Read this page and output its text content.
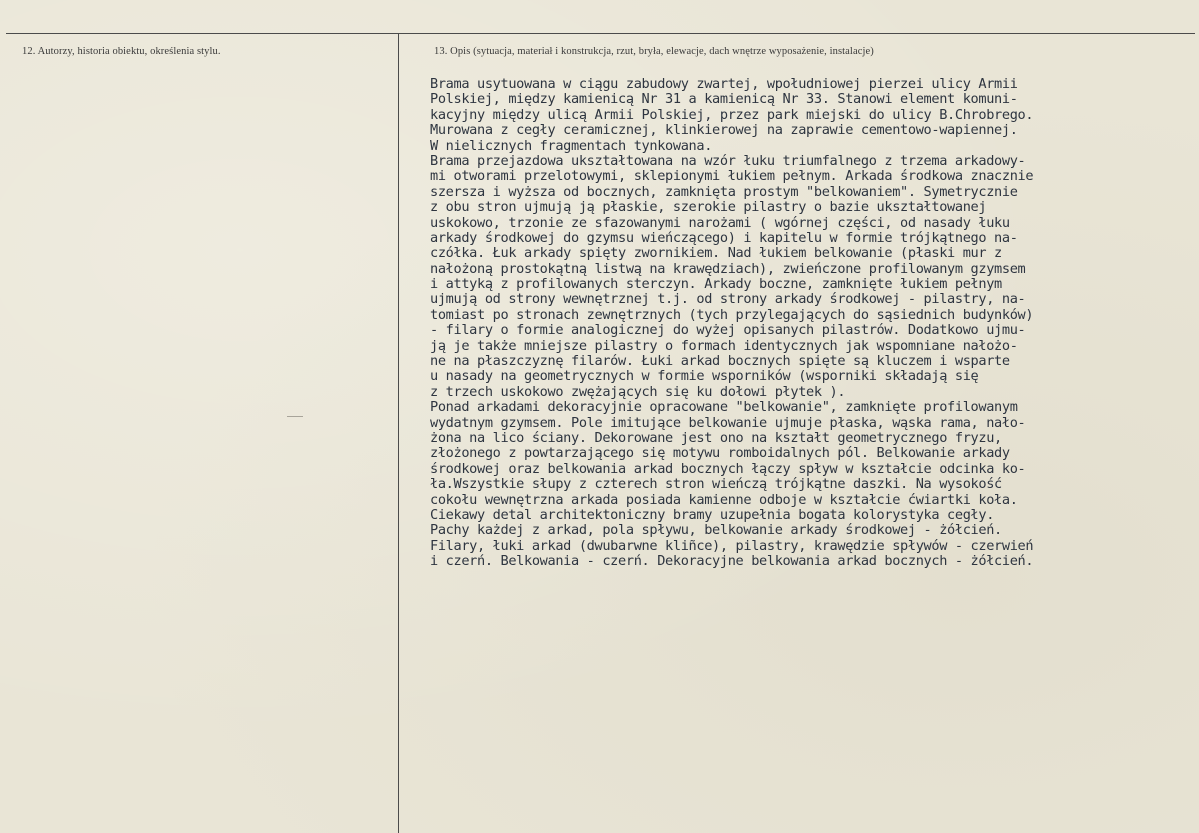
12. Autorzy, historia obiektu, określenia stylu.	13. Opis (sytuacja, materiał i konstrukcja, rzut, bryła, elewacje, dach wnętrze wyposażenie, instalacje)
Brama usytuowana w ciągu zabudowy zwartej, wpołudniowej pierzei ulicy Armii
Polskiej, między kamienicą Nr 31 a kamienicą Nr 33. Stanowi element komuni-
kacyjny między ulicą Armii Polskiej, przez park miejski do ulicy B.Chrobrego.
Murowana z cegły ceramicznej, klinkierowej na zaprawie cementowo-wapiennej.
W nielicznych fragmentach tynkowana.
Brama przejazdowa ukształtowana na wzór łuku triumfalnego z trzema arkadowy-
mi otworami przelotowymi, sklepionymi łukiem pełnym. Arkada środkowa znacznie
szersza i wyższa od bocznych, zamknięta prostym "belkowaniem". Symetrycznie
z obu stron ujmują ją płaskie, szerokie pilastry o bazie ukształtowanej
uskokowo, trzonie ze sfazowanymi narożami ( wgórnej części, od nasady łuku
arkady środkowej do gzymsu wieńczącego) i kapitelu w formie trójkątnego na-
czółka. Łuk arkady spięty zwornikiem. Nad łukiem belkowanie (płaski mur z
nałożoną prostokątną listwą na krawędziach), zwieńczone profilowanym gzymsem
i attyką z profilowanych sterczyn. Arkady boczne, zamknięte łukiem pełnym
ujmują od strony wewnętrznej t.j. od strony arkady środkowej - pilastry, na-
tomiast po stronach zewnętrznych (tych przylegających do sąsiednich budynków)
- filary o formie analogicznej do wyżej opisanych pilastrów. Dodatkowo ujmu-
ją je także mniejsze pilastry o formach identycznych jak wspomniane nałożo-
ne na płaszczyznę filarów. Łuki arkad bocznych spięte są kluczem i wsparte
u nasady na geometrycznych w formie wsporników (wsporniki składają się
z trzech uskokowo zwężających się ku dołowi płytek ).
Ponad arkadami dekoracyjnie opracowane "belkowanie", zamknięte profilowanym
wydatnym gzymsem. Pole imitujące belkowanie ujmuje płaska, wąska rama, nało-
żona na lico ściany. Dekorowane jest ono na kształt geometrycznego fryzu,
złożonego z powtarzającego się motywu romboidalnych pól. Belkowanie arkady
środkowej oraz belkowania arkad bocznych łączy spływ w kształcie odcinka ko-
ła.Wszystkie słupy z czterech stron wieńczą trójkątne daszki. Na wysokość
cokołu wewnętrzna arkada posiada kamienne odboje w kształcie ćwiartki koła.
Ciekawy detal architektoniczny bramy uzupełnia bogata kolorystyka cegły.
Pachy każdej z arkad, pola spływu, belkowanie arkady środkowej - żółcień.
Filary, łuki arkad (dwubarwne kliñce), pilastry, krawędzie spływów - czerwień
i czerń. Belkowania - czerń. Dekoracyjne belkowania arkad bocznych - żółcień.
